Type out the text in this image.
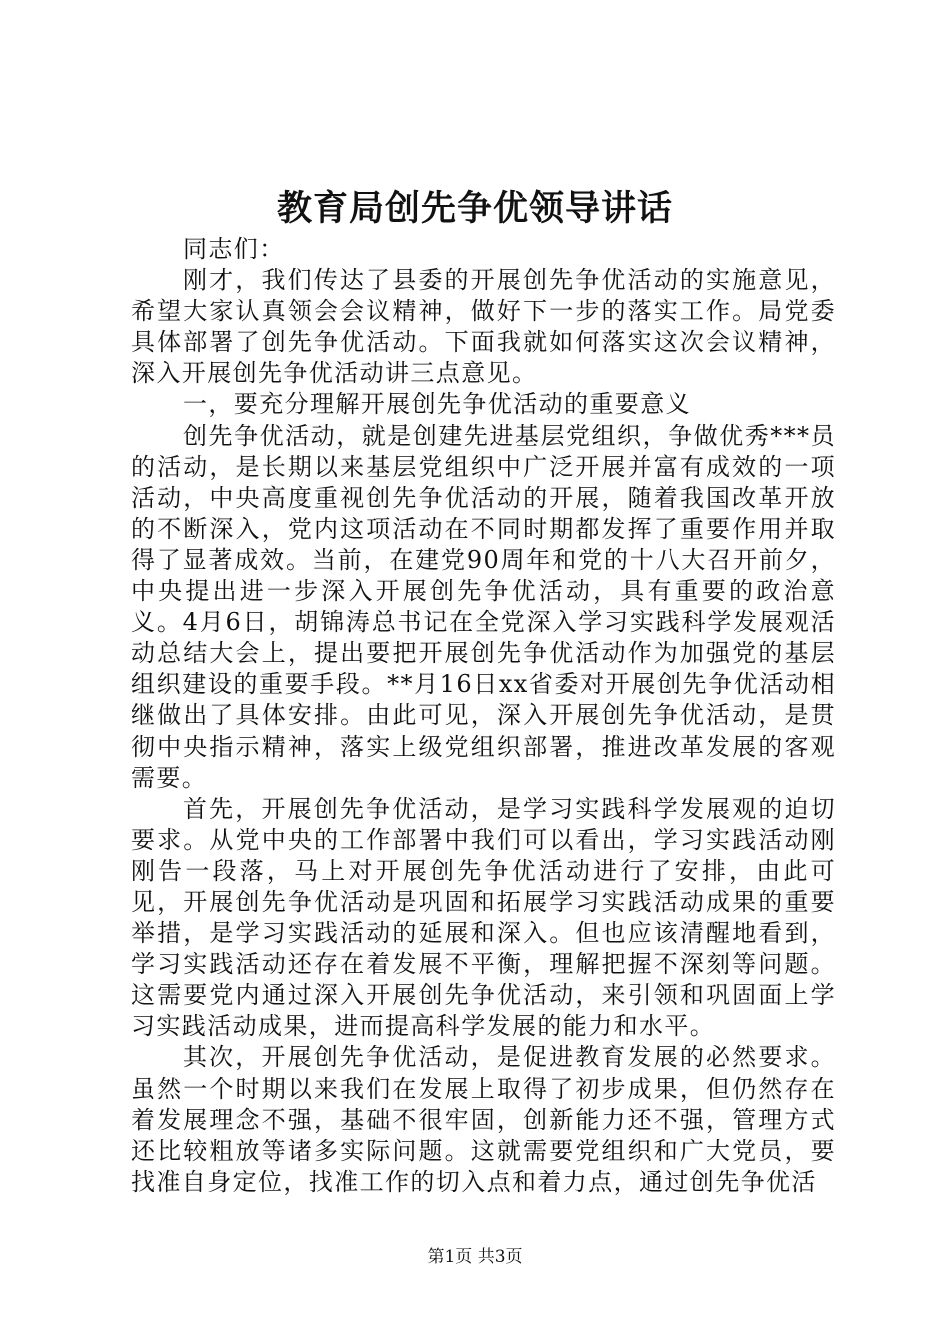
教育局创先争优领导讲话

同志们：

刚才，我们传达了县委的开展创先争优活动的实施意见，希望大家认真领会会议精神，做好下一步的落实工作。局党委具体部署了创先争优活动。下面我就如何落实这次会议精神，深入开展创先争优活动讲三点意见。

一，要充分理解开展创先争优活动的重要意义

创先争优活动，就是创建先进基层党组织，争做优秀***员的活动，是长期以来基层党组织中广泛开展并富有成效的一项活动，中央高度重视创先争优活动的开展，随着我国改革开放的不断深入，党内这项活动在不同时期都发挥了重要作用并取得了显著成效。当前，在建党90周年和党的十八大召开前夕，中央提出进一步深入开展创先争优活动，具有重要的政治意义。4月6日，胡锦涛总书记在全党深入学习实践科学发展观活动总结大会上，提出要把开展创先争优活动作为加强党的基层组织建设的重要手段。**月16日xx省委对开展创先争优活动相继做出了具体安排。由此可见，深入开展创先争优活动，是贯彻中央指示精神，落实上级党组织部署，推进改革发展的客观需要。

首先，开展创先争优活动，是学习实践科学发展观的迫切要求。从党中央的工作部署中我们可以看出，学习实践活动刚刚告一段落，马上对开展创先争优活动进行了安排，由此可见，开展创先争优活动是巩固和拓展学习实践活动成果的重要举措，是学习实践活动的延展和深入。但也应该清醒地看到，学习实践活动还存在着发展不平衡，理解把握不深刻等问题。这需要党内通过深入开展创先争优活动，来引领和巩固面上学习实践活动成果，进而提高科学发展的能力和水平。

其次，开展创先争优活动，是促进教育发展的必然要求。虽然一个时期以来我们在发展上取得了初步成果，但仍然存在着发展理念不强，基础不很牢固，创新能力还不强，管理方式还比较粗放等诸多实际问题。这就需要党组织和广大党员，要找准自身定位，找准工作的切入点和着力点，通过创先争优活

第1页 共3页
